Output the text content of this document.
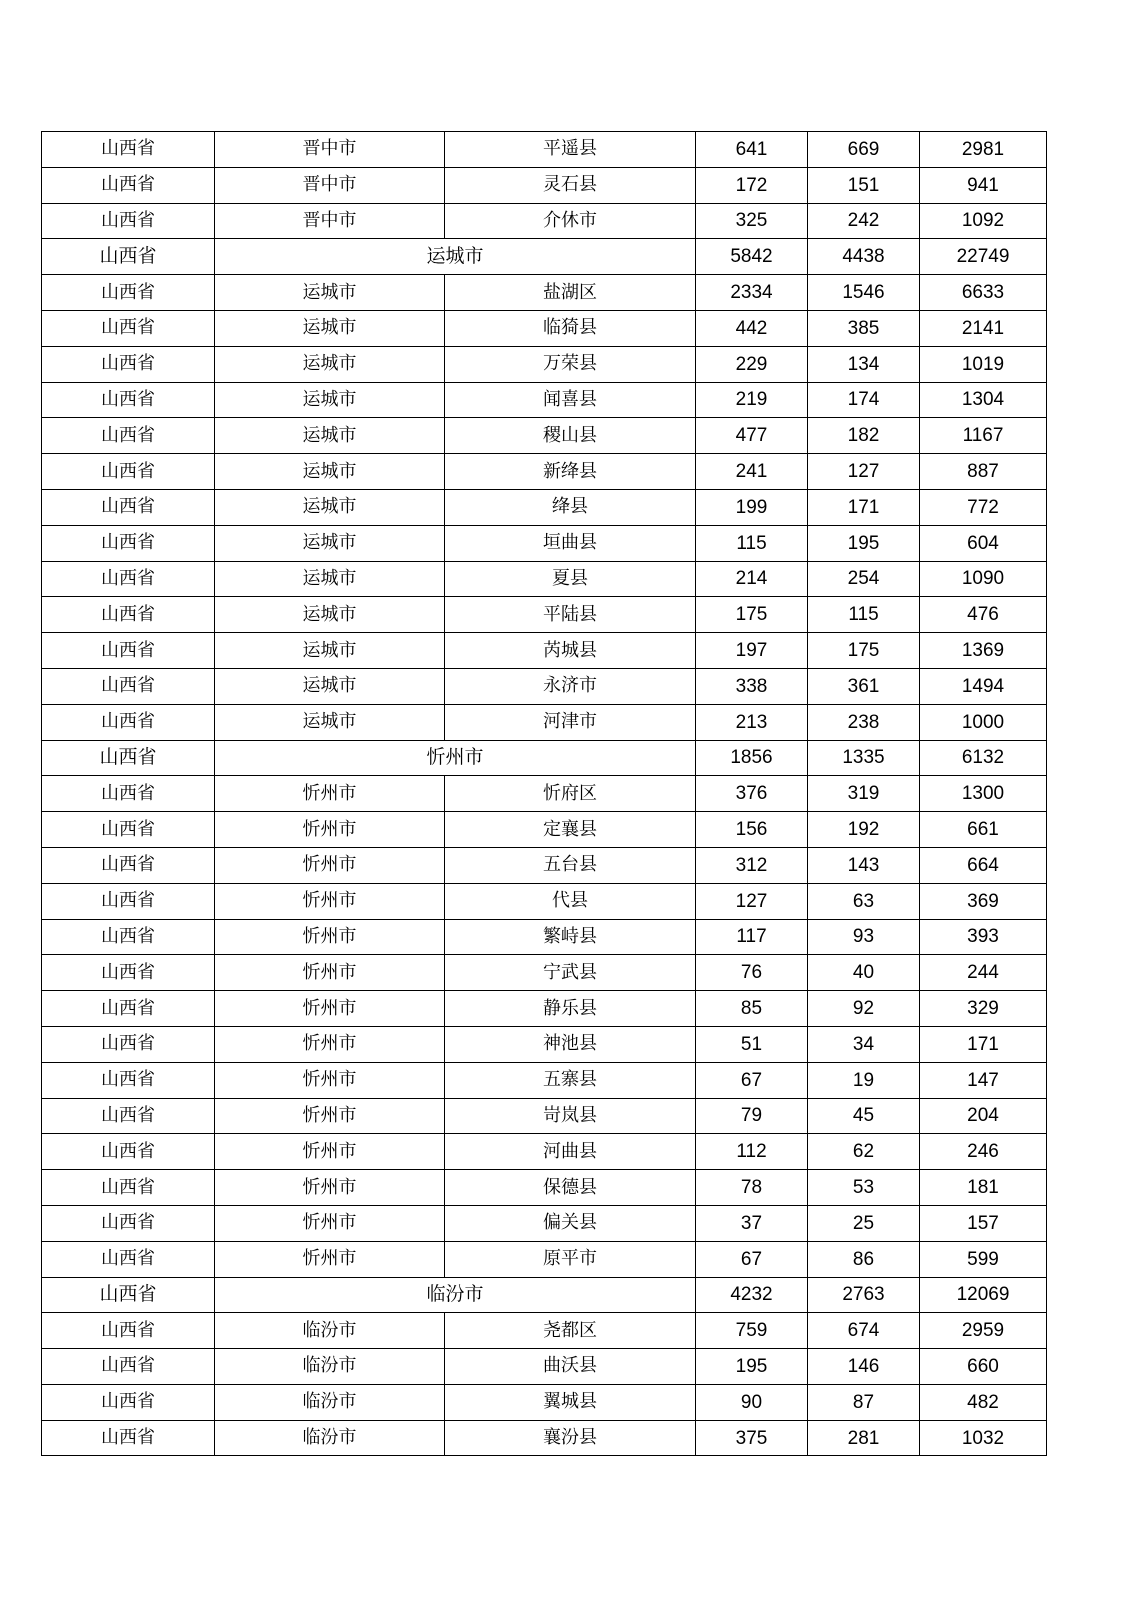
山西省	晋中市	平遥县	641	669	2981
山西省	晋中市	灵石县	172	151	941
山西省	晋中市	介休市	325	242	1092
山西省	运城市		5842	4438	22749
山西省	运城市	盐湖区	2334	1546	6633
山西省	运城市	临猗县	442	385	2141
山西省	运城市	万荣县	229	134	1019
山西省	运城市	闻喜县	219	174	1304
山西省	运城市	稷山县	477	182	1167
山西省	运城市	新绛县	241	127	887
山西省	运城市	绛县	199	171	772
山西省	运城市	垣曲县	115	195	604
山西省	运城市	夏县	214	254	1090
山西省	运城市	平陆县	175	115	476
山西省	运城市	芮城县	197	175	1369
山西省	运城市	永济市	338	361	1494
山西省	运城市	河津市	213	238	1000
山西省	忻州市		1856	1335	6132
山西省	忻州市	忻府区	376	319	1300
山西省	忻州市	定襄县	156	192	661
山西省	忻州市	五台县	312	143	664
山西省	忻州市	代县	127	63	369
山西省	忻州市	繁峙县	117	93	393
山西省	忻州市	宁武县	76	40	244
山西省	忻州市	静乐县	85	92	329
山西省	忻州市	神池县	51	34	171
山西省	忻州市	五寨县	67	19	147
山西省	忻州市	岢岚县	79	45	204
山西省	忻州市	河曲县	112	62	246
山西省	忻州市	保德县	78	53	181
山西省	忻州市	偏关县	37	25	157
山西省	忻州市	原平市	67	86	599
山西省	临汾市		4232	2763	12069
山西省	临汾市	尧都区	759	674	2959
山西省	临汾市	曲沃县	195	146	660
山西省	临汾市	翼城县	90	87	482
山西省	临汾市	襄汾县	375	281	1032
